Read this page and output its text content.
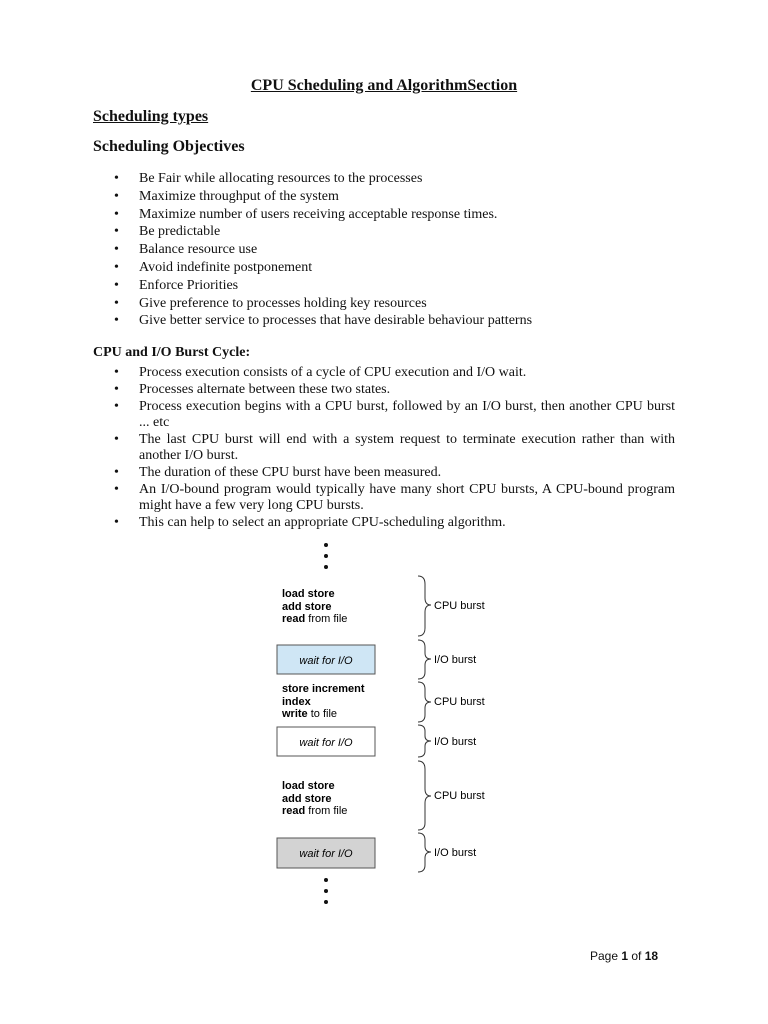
CPU Scheduling and AlgorithmSection
Scheduling types
Scheduling Objectives
• Be Fair while allocating resources to the processes
• Maximize throughput of the system
• Maximize number of users receiving acceptable response times.
• Be predictable
• Balance resource use
• Avoid indefinite postponement
• Enforce Priorities
• Give preference to processes holding key resources
• Give better service to processes that have desirable behaviour patterns
CPU and I/O Burst Cycle:
• Process execution consists of a cycle of CPU execution and I/O wait.
• Processes alternate between these two states.
• Process execution begins with a CPU burst, followed by an I/O burst, then another CPU burst ... etc
• The last CPU burst will end with a system request to terminate execution rather than with another I/O burst.
• The duration of these CPU burst have been measured.
• An I/O-bound program would typically have many short CPU bursts, A CPU-bound program might have a few very long CPU bursts.
• This can help to select an appropriate CPU-scheduling algorithm.
load store
add store
read from file
wait for I/O
store increment
index
write to file
wait for I/O
load store
add store
read from file
wait for I/O
CPU burst
I/O burst
CPU burst
I/O burst
CPU burst
I/O burst
Page 1 of 18
